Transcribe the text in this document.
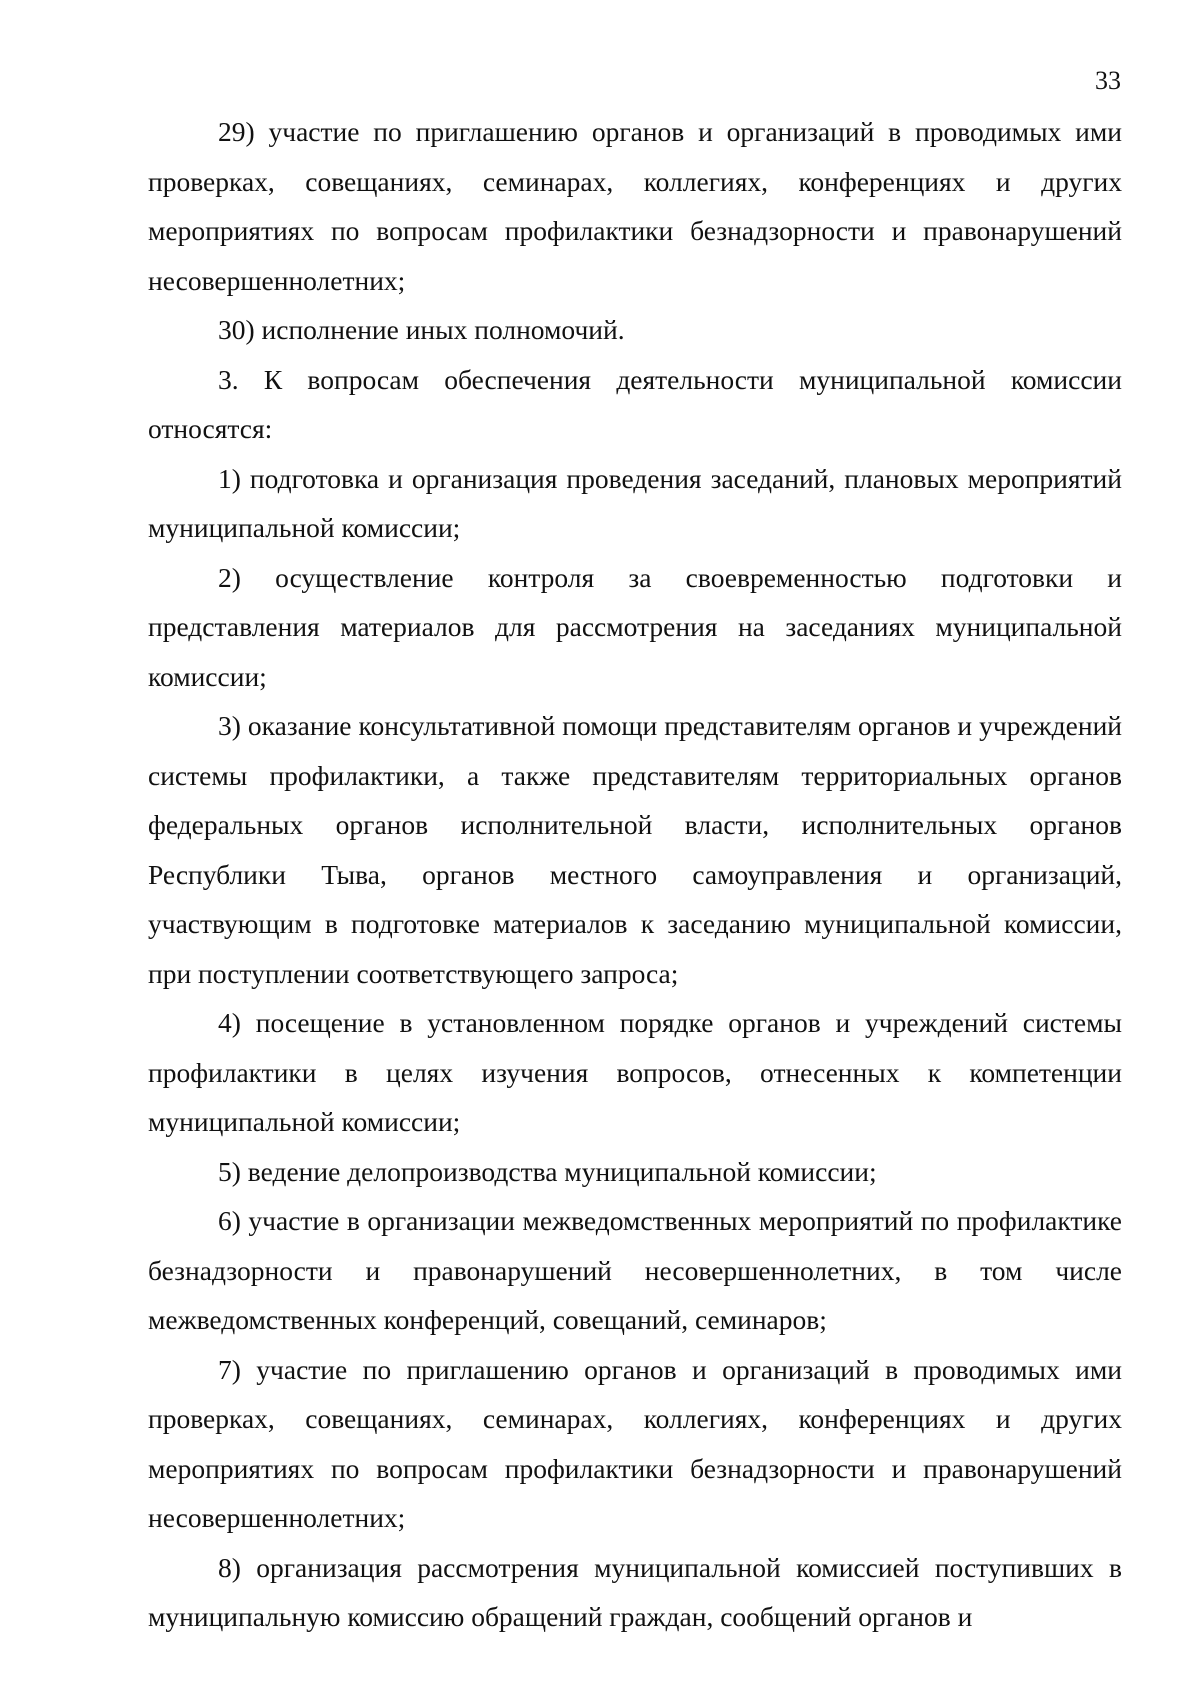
33

29) участие по приглашению органов и организаций в проводимых ими проверках, совещаниях, семинарах, коллегиях, конференциях и других мероприятиях по вопросам профилактики безнадзорности и правонарушений несовершеннолетних;

30) исполнение иных полномочий.

3. К вопросам обеспечения деятельности муниципальной комиссии относятся:

1) подготовка и организация проведения заседаний, плановых мероприятий муниципальной комиссии;

2) осуществление контроля за своевременностью подготовки и представления материалов для рассмотрения на заседаниях муниципальной комиссии;

3) оказание консультативной помощи представителям органов и учреждений системы профилактики, а также представителям территориальных органов федеральных органов исполнительной власти, исполнительных органов Республики Тыва, органов местного самоуправления и организаций, участвующим в подготовке материалов к заседанию муниципальной комиссии, при поступлении соответствующего запроса;

4) посещение в установленном порядке органов и учреждений системы профилактики в целях изучения вопросов, отнесенных к компетенции муниципальной комиссии;

5) ведение делопроизводства муниципальной комиссии;

6) участие в организации межведомственных мероприятий по профилактике безнадзорности и правонарушений несовершеннолетних, в том числе межведомственных конференций, совещаний, семинаров;

7) участие по приглашению органов и организаций в проводимых ими проверках, совещаниях, семинарах, коллегиях, конференциях и других мероприятиях по вопросам профилактики безнадзорности и правонарушений несовершеннолетних;

8) организация рассмотрения муниципальной комиссией поступивших в муниципальную комиссию обращений граждан, сообщений органов и
